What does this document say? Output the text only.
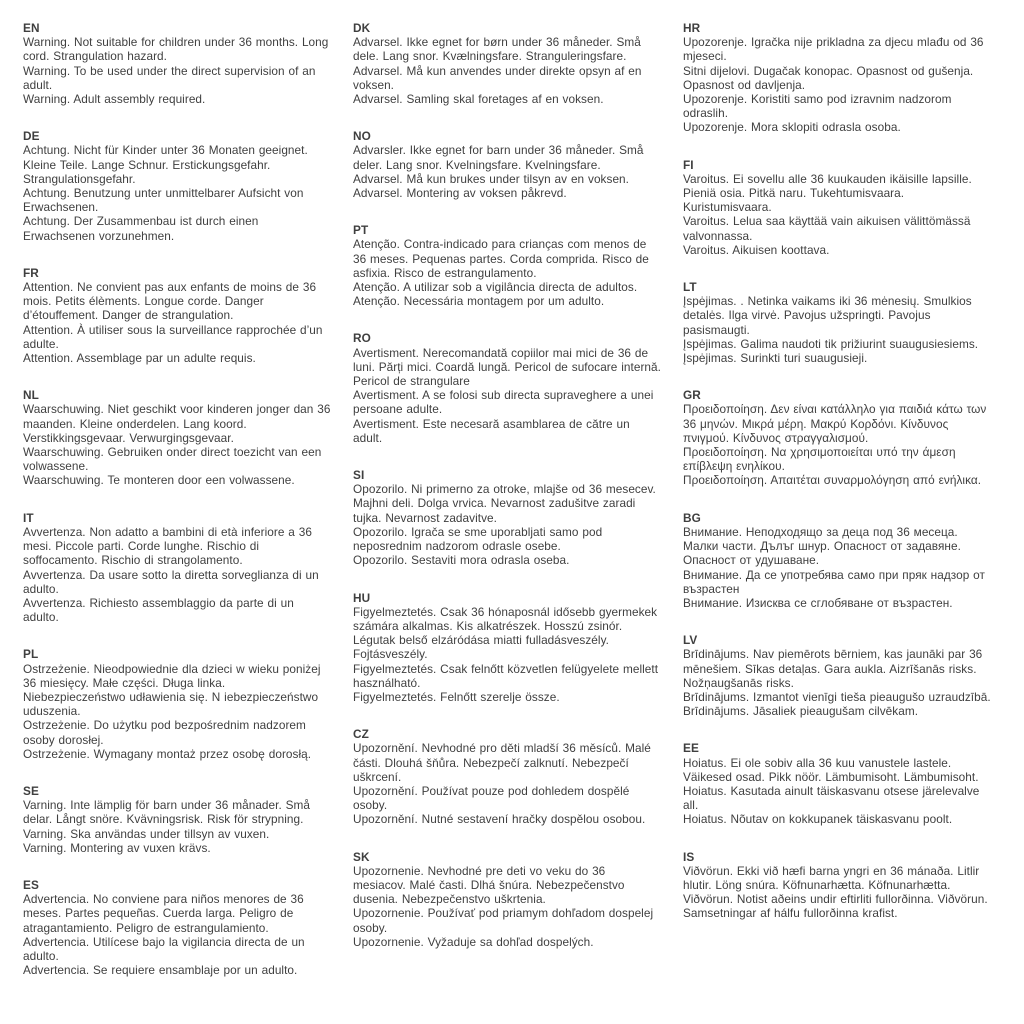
EN

Warning. Not suitable for children under 36 months. Long cord. Strangulation hazard.

Warning. To be used under the direct supervision of an adult.

Warning. Adult assembly required.

DE

Achtung. Nicht für Kinder unter 36 Monaten geeignet. Kleine Teile. Lange Schnur. Erstickungsgefahr. Strangulationsgefahr.

Achtung. Benutzung unter unmittelbarer Aufsicht von Erwachsenen.

Achtung. Der Zusammenbau ist durch einen Erwachsenen vorzunehmen.

FR

Attention. Ne convient pas aux enfants de moins de 36 mois. Petits élèments. Longue corde. Danger d’étouffement. Danger de strangulation.

Attention. À utiliser sous la surveillance rapprochée d’un adulte.

Attention. Assemblage par un adulte requis.

NL

Waarschuwing. Niet geschikt voor kinderen jonger dan 36 maanden. Kleine onderdelen. Lang koord. Verstikkingsgevaar. Verwurgingsgevaar.

Waarschuwing. Gebruiken onder direct toezicht van een volwassene.

Waarschuwing. Te monteren door een volwassene.

IT

Avvertenza. Non adatto a bambini di età inferiore a 36 mesi. Piccole parti. Corde lunghe. Rischio di soffocamento. Rischio di strangolamento.

Avvertenza. Da usare sotto la diretta sorveglianza di un adulto.

Avvertenza. Richiesto assemblaggio da parte di un adulto.

PL

Ostrzeżenie. Nieodpowiednie dla dzieci w wieku poniżej 36 miesięcy. Małe części. Długa linka. Niebezpieczeństwo udławienia się. N iebezpieczeństwo uduszenia.

Ostrzeżenie. Do użytku pod bezpośrednim nadzorem osoby dorosłej.

Ostrzeżenie. Wymagany montaż przez osobę dorosłą.

SE

Varning. Inte lämplig för barn under 36 månader. Små delar. Långt snöre. Kvävningsrisk. Risk för strypning.

Varning. Ska användas under tillsyn av vuxen.

Varning. Montering av vuxen krävs.

ES

Advertencia. No conviene para niños menores de 36 meses. Partes pequeñas. Cuerda larga. Peligro de atragantamiento. Peligro de estrangulamiento.

Advertencia. Utilícese bajo la vigilancia directa de un adulto.

Advertencia. Se requiere ensamblaje por un adulto.

DK

Advarsel. Ikke egnet for børn under 36 måneder. Små dele. Lang snor. Kvælningsfare. Stranguleringsfare.

Advarsel. Må kun anvendes under direkte opsyn af en voksen.

Advarsel. Samling skal foretages af en voksen.

NO

Advarsler. Ikke egnet for barn under 36 måneder. Små deler. Lang snor. Kvelningsfare. Kvelningsfare.

Advarsel. Må kun brukes under tilsyn av en voksen.

Advarsel. Montering av voksen påkrevd.

PT

Atenção. Contra-indicado para crianças com menos de 36 meses. Pequenas partes. Corda comprida. Risco de asfixia. Risco de estrangulamento.

Atenção. A utilizar sob a vigilância directa de adultos. Atenção. Necessária montagem por um adulto.

RO

Avertisment. Nerecomandată copiilor mai mici de 36 de luni. Părți mici. Coardă lungă. Pericol de sufocare internă. Pericol de strangulare

Avertisment. A se folosi sub directa supraveghere a unei persoane adulte.

Avertisment. Este necesară asamblarea de către un adult.

SI

Opozorilo. Ni primerno za otroke, mlajše od 36 mesecev. Majhni deli. Dolga vrvica. Nevarnost zadušitve zaradi tujka. Nevarnost zadavitve.

Opozorilo. Igrača se sme uporabljati samo pod neposrednim nadzorom odrasle osebe.

Opozorilo. Sestaviti mora odrasla oseba.

HU

Figyelmeztetés. Csak 36 hónaposnál idősebb gyermekek számára alkalmas. Kis alkatrészek. Hosszú zsinór. Légutak belső elzáródása miatti fulladásveszély. Fojtásveszély.

Figyelmeztetés. Csak felnőtt közvetlen felügyelete mellett használható.

Figyelmeztetés. Felnőtt szerelje össze.

CZ

Upozornění. Nevhodné pro děti mladší 36 měsíců. Malé části. Dlouhá šňůra. Nebezpečí zalknutí. Nebezpečí uškrcení.

Upozornění. Používat pouze pod dohledem dospělé osoby.

Upozornění. Nutné sestavení hračky dospělou osobou.

SK

Upozornenie. Nevhodné pre deti vo veku do 36 mesiacov. Malé časti. Dlhá šnúra. Nebezpečenstvo dusenia. Nebezpečenstvo uškrtenia.

Upozornenie. Používať pod priamym dohľadom dospelej osoby.

Upozornenie. Vyžaduje sa dohľad dospelých.

HR

Upozorenje. Igračka nije prikladna za djecu mlađu od 36 mjeseci.

Sitni dijelovi. Dugačak konopac. Opasnost od gušenja. Opasnost od davljenja.

Upozorenje. Koristiti samo pod izravnim nadzorom odraslih.

Upozorenje. Mora sklopiti odrasla osoba.

FI

Varoitus. Ei sovellu alle 36 kuukauden ikäisille lapsille. Pieniä osia. Pitkä naru. Tukehtumisvaara. Kuristumisvaara.

Varoitus. Lelua saa käyttää vain aikuisen välittömässä valvonnassa.

Varoitus. Aikuisen koottava.

LT

Įspėjimas. . Netinka vaikams iki 36 mėnesių. Smulkios detalės. Ilga virvė. Pavojus užspringti. Pavojus pasismaugti.

Įspėjimas. Galima naudoti tik prižiurint suaugusiesiems.

Įspėjimas. Surinkti turi suaugusieji.

GR

Προειδοποίηση. Δεν είναι κατάλληλο για παιδιά κάτω των 36 μηνών. Μικρά μέρη. Μακρύ Κορδόνι. Κίνδυνος πνιγμού. Κίνδυνος στραγγαλισμού.

Προειδοποίηση. Να χρησιμοποιείται υπό την άμεση επίβλεψη ενηλίκου.

Προειδοποίηση. Απαιτέται συναρμολόγηση από ενήλικα.

BG

Внимание. Неподходящо за деца под 36 месеца. Малки части. Дълъг шнур. Опасност от задавяне. Опасност от удушаване.

Внимание. Да се употребява само при пряк надзор от възрастен

Внимание. Изисква се сглобяване от възрастен.

LV

Brīdinājums. Nav piemērots bērniem, kas jaunāki par 36 mēnešiem. Sīkas detaļas. Gara aukla. Aizrīšanās risks. Nožņaugšanās risks.

Brīdinājums. Izmantot vienīgi tieša pieaugušo uzraudzībā.

Brīdinājums. Jāsaliek pieaugušam cilvēkam.

EE

Hoiatus. Ei ole sobiv alla 36 kuu vanustele lastele. Väikesed osad. Pikk nöör. Lämbumisoht. Lämbumisoht.

Hoiatus. Kasutada ainult täiskasvanu otsese järelevalve all.

Hoiatus. Nõutav on kokkupanek täiskasvanu poolt.

IS

Viðvörun. Ekki við hæfi barna yngri en 36 mánaða. Litlir hlutir. Löng snúra. Köfnunarhætta. Köfnunarhætta.

Viðvörun. Notist aðeins undir eftirliti fullorðinna. Viðvörun. Samsetningar af hálfu fullorðinna krafist.
